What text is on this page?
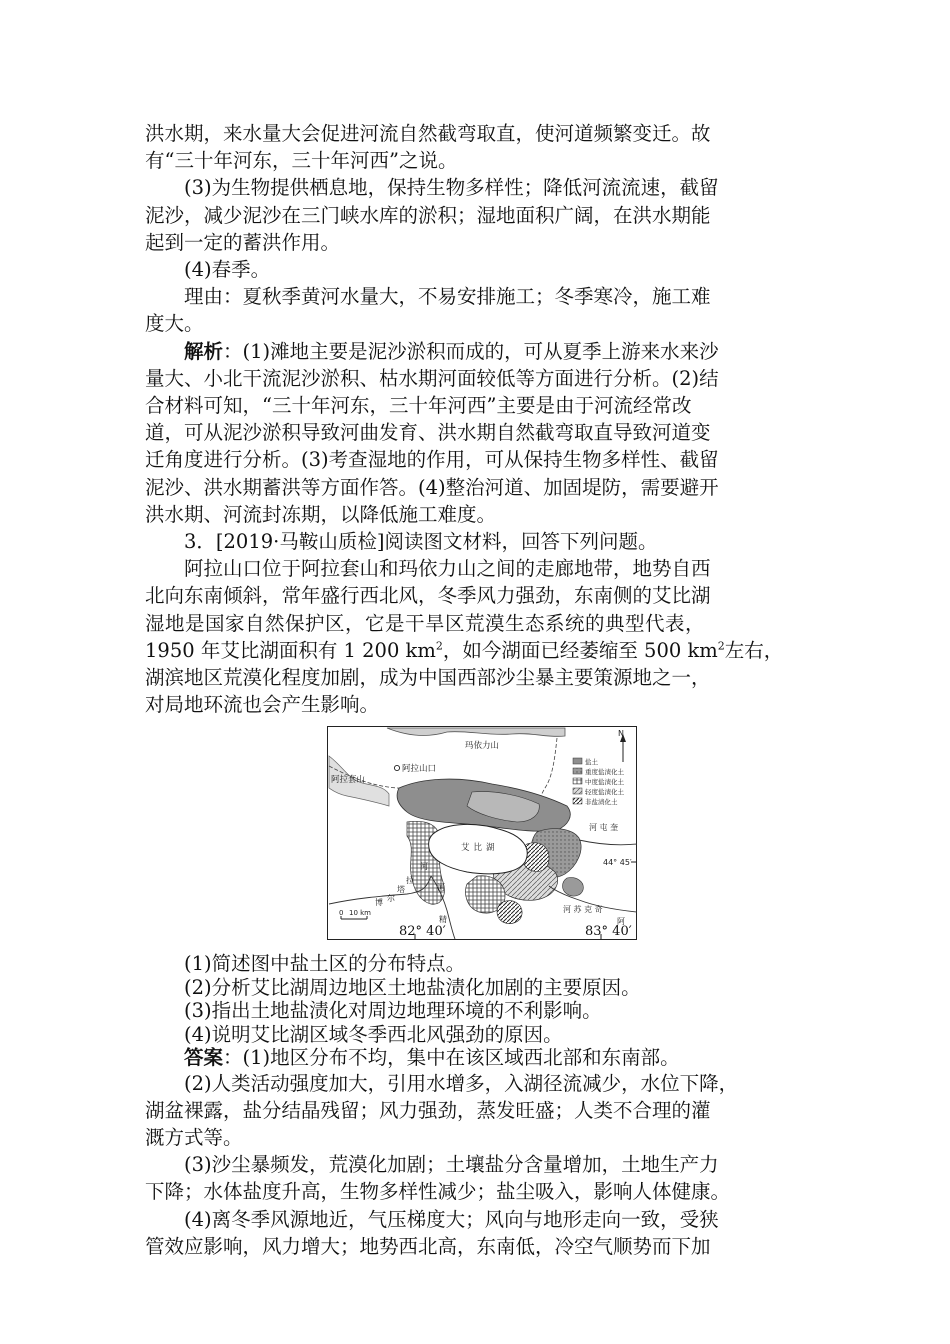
洪水期，来水量大会促进河流自然截弯取直，使河道频繁变迁。故

有“三十年河东，三十年河西”之说。

(3)为生物提供栖息地，保持生物多样性；降低河流流速，截留

泥沙，减少泥沙在三门峡水库的淤积；湿地面积广阔，在洪水期能

起到一定的蓄洪作用。

(4)春季。

理由：夏秋季黄河水量大，不易安排施工；冬季寒冷，施工难

度大。

解析：(1)滩地主要是泥沙淤积而成的，可从夏季上游来水来沙

量大、小北干流泥沙淤积、枯水期河面较低等方面进行分析。(2)结

合材料可知，“三十年河东，三十年河西”主要是由于河流经常改

道，可从泥沙淤积导致河曲发育、洪水期自然截弯取直导致河道变

迁角度进行分析。(3)考查湿地的作用，可从保持生物多样性、截留

泥沙、洪水期蓄洪等方面作答。(4)整治河道、加固堤防，需要避开

洪水期、河流封冻期，以降低施工难度。

3．[2019·马鞍山质检]阅读图文材料，回答下列问题。

阿拉山口位于阿拉套山和玛依力山之间的走廊地带，地势自西

北向东南倾斜，常年盛行西北风，冬季风力强劲，东南侧的艾比湖

湿地是国家自然保护区，它是干旱区荒漠生态系统的典型代表，

1950 年艾比湖面积有 1 200 $km^2$，如今湖面已经萎缩至 500 $km^2$左右，

湖滨地区荒漠化程度加剧，成为中国西部沙尘暴主要策源地之一，

对局地环流也会产生影响。

N
玛依力山
阿拉套山
阿拉山口
艾比湖
博 尔
塔
拉
河
河
精
河 屯 奎
河 苏 克 奇
阿
44° 45′
0 10 km
盐土
重度盐渍化土
中度盐渍化土
轻度盐渍化土
非盐渍化土
82° 40′	83° 40′

(1)简述图中盐土区的分布特点。

(2)分析艾比湖周边地区土地盐渍化加剧的主要原因。

(3)指出土地盐渍化对周边地理环境的不利影响。

(4)说明艾比湖区域冬季西北风强劲的原因。

答案：(1)地区分布不均，集中在该区域西北部和东南部。

(2)人类活动强度加大，引用水增多，入湖径流减少，水位下降，

湖盆裸露，盐分结晶残留；风力强劲，蒸发旺盛；人类不合理的灌

溉方式等。

(3)沙尘暴频发，荒漠化加剧；土壤盐分含量增加，土地生产力

下降；水体盐度升高，生物多样性减少；盐尘吸入，影响人体健康。

(4)离冬季风源地近，气压梯度大；风向与地形走向一致，受狭

管效应影响，风力增大；地势西北高，东南低，冷空气顺势而下加
